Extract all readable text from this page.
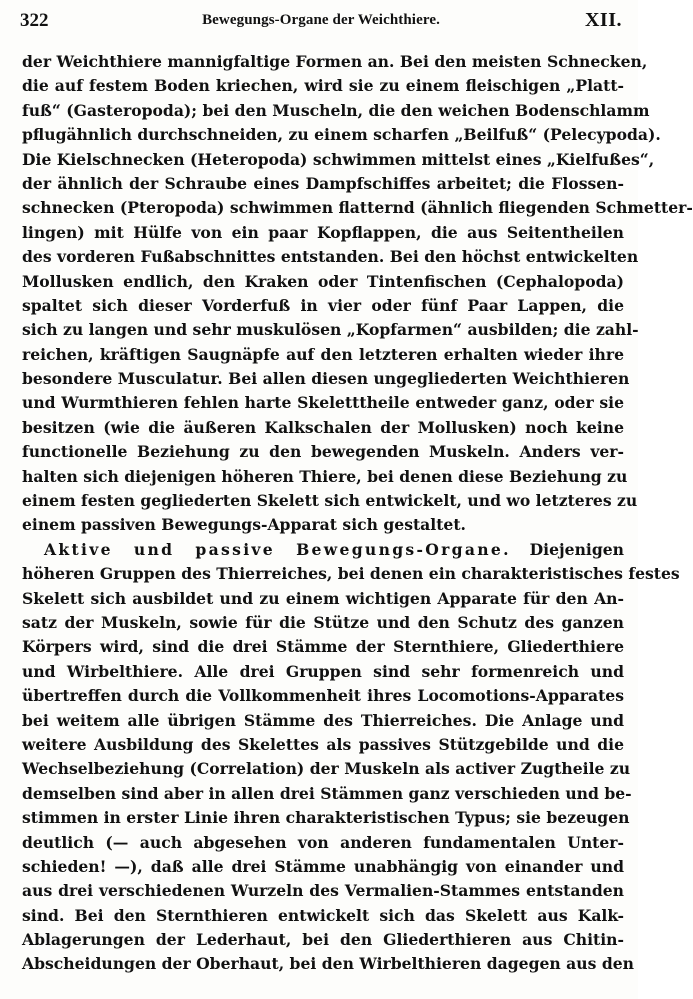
322	Bewegungs-Organe der Weichthiere.	XII.
der Weichthiere mannigfaltige Formen an. Bei den meisten Schnecken,
die auf festem Boden kriechen, wird sie zu einem fleischigen „Platt-
fuß“ (Gasteropoda); bei den Muscheln, die den weichen Bodenschlamm
pflugähnlich durchschneiden, zu einem scharfen „Beilfuß“ (Pelecypoda).
Die Kielschnecken (Heteropoda) schwimmen mittelst eines „Kielfußes“,
der ähnlich der Schraube eines Dampfschiffes arbeitet; die Flossen-
schnecken (Pteropoda) schwimmen flatternd (ähnlich fliegenden Schmetter-
lingen) mit Hülfe von ein paar Kopflappen, die aus Seitentheilen
des vorderen Fußabschnittes entstanden. Bei den höchst entwickelten
Mollusken endlich, den Kraken oder Tintenfischen (Cephalopoda)
spaltet sich dieser Vorderfuß in vier oder fünf Paar Lappen, die
sich zu langen und sehr muskulösen „Kopfarmen“ ausbilden; die zahl-
reichen, kräftigen Saugnäpfe auf den letzteren erhalten wieder ihre
besondere Musculatur. Bei allen diesen ungegliederten Weichthieren
und Wurmthieren fehlen harte Skeletttheile entweder ganz, oder sie
besitzen (wie die äußeren Kalkschalen der Mollusken) noch keine
functionelle Beziehung zu den bewegenden Muskeln. Anders ver-
halten sich diejenigen höheren Thiere, bei denen diese Beziehung zu
einem festen gegliederten Skelett sich entwickelt, und wo letzteres zu
einem passiven Bewegungs-Apparat sich gestaltet.
Aktive und passive Bewegungs-Organe. Diejenigen
höheren Gruppen des Thierreiches, bei denen ein charakteristisches festes
Skelett sich ausbildet und zu einem wichtigen Apparate für den An-
satz der Muskeln, sowie für die Stütze und den Schutz des ganzen
Körpers wird, sind die drei Stämme der Sternthiere, Gliederthiere
und Wirbelthiere. Alle drei Gruppen sind sehr formenreich und
übertreffen durch die Vollkommenheit ihres Locomotions-Apparates
bei weitem alle übrigen Stämme des Thierreiches. Die Anlage und
weitere Ausbildung des Skelettes als passives Stützgebilde und die
Wechselbeziehung (Correlation) der Muskeln als activer Zugtheile zu
demselben sind aber in allen drei Stämmen ganz verschieden und be-
stimmen in erster Linie ihren charakteristischen Typus; sie bezeugen
deutlich (— auch abgesehen von anderen fundamentalen Unter-
schieden! —), daß alle drei Stämme unabhängig von einander und
aus drei verschiedenen Wurzeln des Vermalien-Stammes entstanden
sind. Bei den Sternthieren entwickelt sich das Skelett aus Kalk-
Ablagerungen der Lederhaut, bei den Gliederthieren aus Chitin-
Abscheidungen der Oberhaut, bei den Wirbelthieren dagegen aus den
